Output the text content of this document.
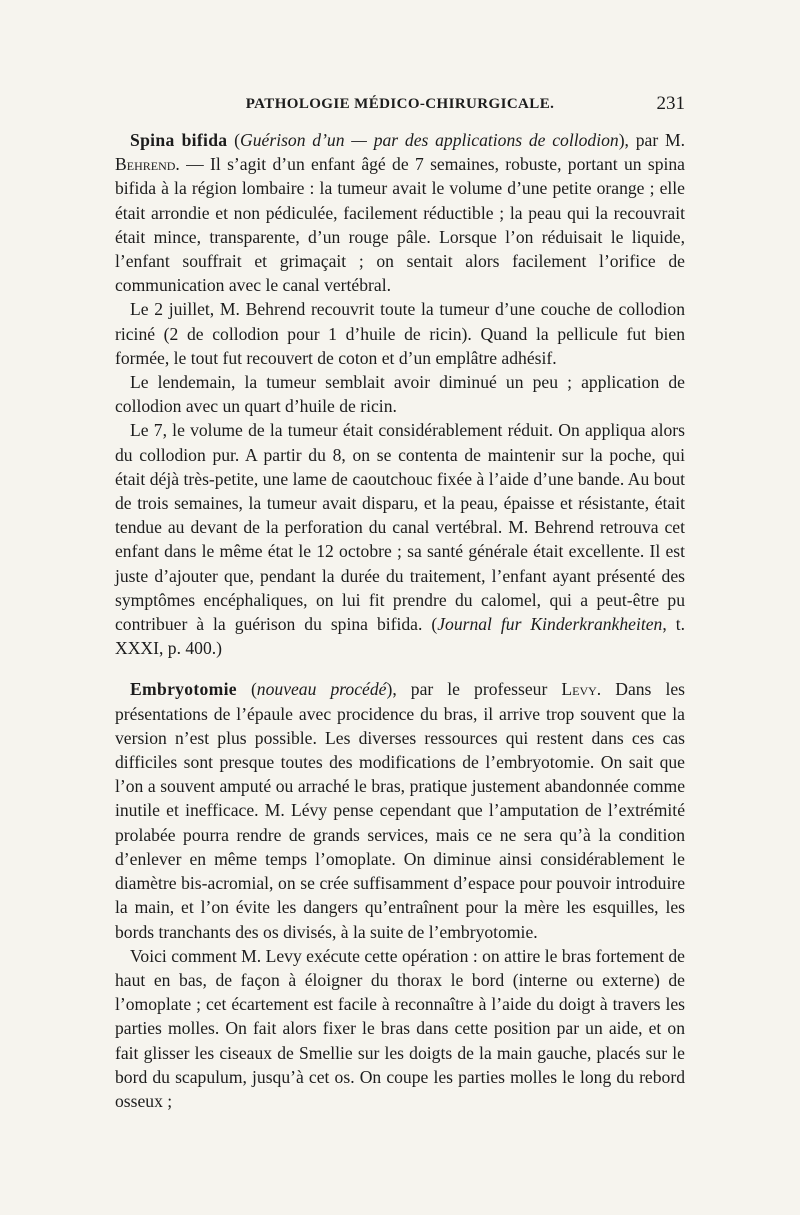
PATHOLOGIE MÉDICO-CHIRURGICALE.	231

Spina bifida (Guérison d’un — par des applications de collodion), par M. Behrend. — Il s’agit d’un enfant âgé de 7 semaines, robuste, portant un spina bifida à la région lombaire : la tumeur avait le volume d’une petite orange ; elle était arrondie et non pédiculée, facilement réductible ; la peau qui la recouvrait était mince, transparente, d’un rouge pâle. Lorsque l’on réduisait le liquide, l’enfant souffrait et grimaçait ; on sentait alors facilement l’orifice de communication avec le canal vertébral.

Le 2 juillet, M. Behrend recouvrit toute la tumeur d’une couche de collodion riciné (2 de collodion pour 1 d’huile de ricin). Quand la pellicule fut bien formée, le tout fut recouvert de coton et d’un emplâtre adhésif.

Le lendemain, la tumeur semblait avoir diminué un peu ; application de collodion avec un quart d’huile de ricin.

Le 7, le volume de la tumeur était considérablement réduit. On appliqua alors du collodion pur. A partir du 8, on se contenta de maintenir sur la poche, qui était déjà très-petite, une lame de caoutchouc fixée à l’aide d’une bande. Au bout de trois semaines, la tumeur avait disparu, et la peau, épaisse et résistante, était tendue au devant de la perforation du canal vertébral. M. Behrend retrouva cet enfant dans le même état le 12 octobre ; sa santé générale était excellente. Il est juste d’ajouter que, pendant la durée du traitement, l’enfant ayant présenté des symptômes encéphaliques, on lui fit prendre du calomel, qui a peut-être pu contribuer à la guérison du spina bifida. (Journal fur Kinderkrankheiten, t. XXXI, p. 400.)

Embryotomie (nouveau procédé), par le professeur Levy. Dans les présentations de l’épaule avec procidence du bras, il arrive trop souvent que la version n’est plus possible. Les diverses ressources qui restent dans ces cas difficiles sont presque toutes des modifications de l’embryotomie. On sait que l’on a souvent amputé ou arraché le bras, pratique justement abandonnée comme inutile et inefficace. M. Lévy pense cependant que l’amputation de l’extrémité prolabée pourra rendre de grands services, mais ce ne sera qu’à la condition d’enlever en même temps l’omoplate. On diminue ainsi considérablement le diamètre bis-acromial, on se crée suffisamment d’espace pour pouvoir introduire la main, et l’on évite les dangers qu’entraînent pour la mère les esquilles, les bords tranchants des os divisés, à la suite de l’embryotomie.

Voici comment M. Levy exécute cette opération : on attire le bras fortement de haut en bas, de façon à éloigner du thorax le bord (interne ou externe) de l’omoplate ; cet écartement est facile à reconnaître à l’aide du doigt à travers les parties molles. On fait alors fixer le bras dans cette position par un aide, et on fait glisser les ciseaux de Smellie sur les doigts de la main gauche, placés sur le bord du scapulum, jusqu’à cet os. On coupe les parties molles le long du rebord osseux ;
